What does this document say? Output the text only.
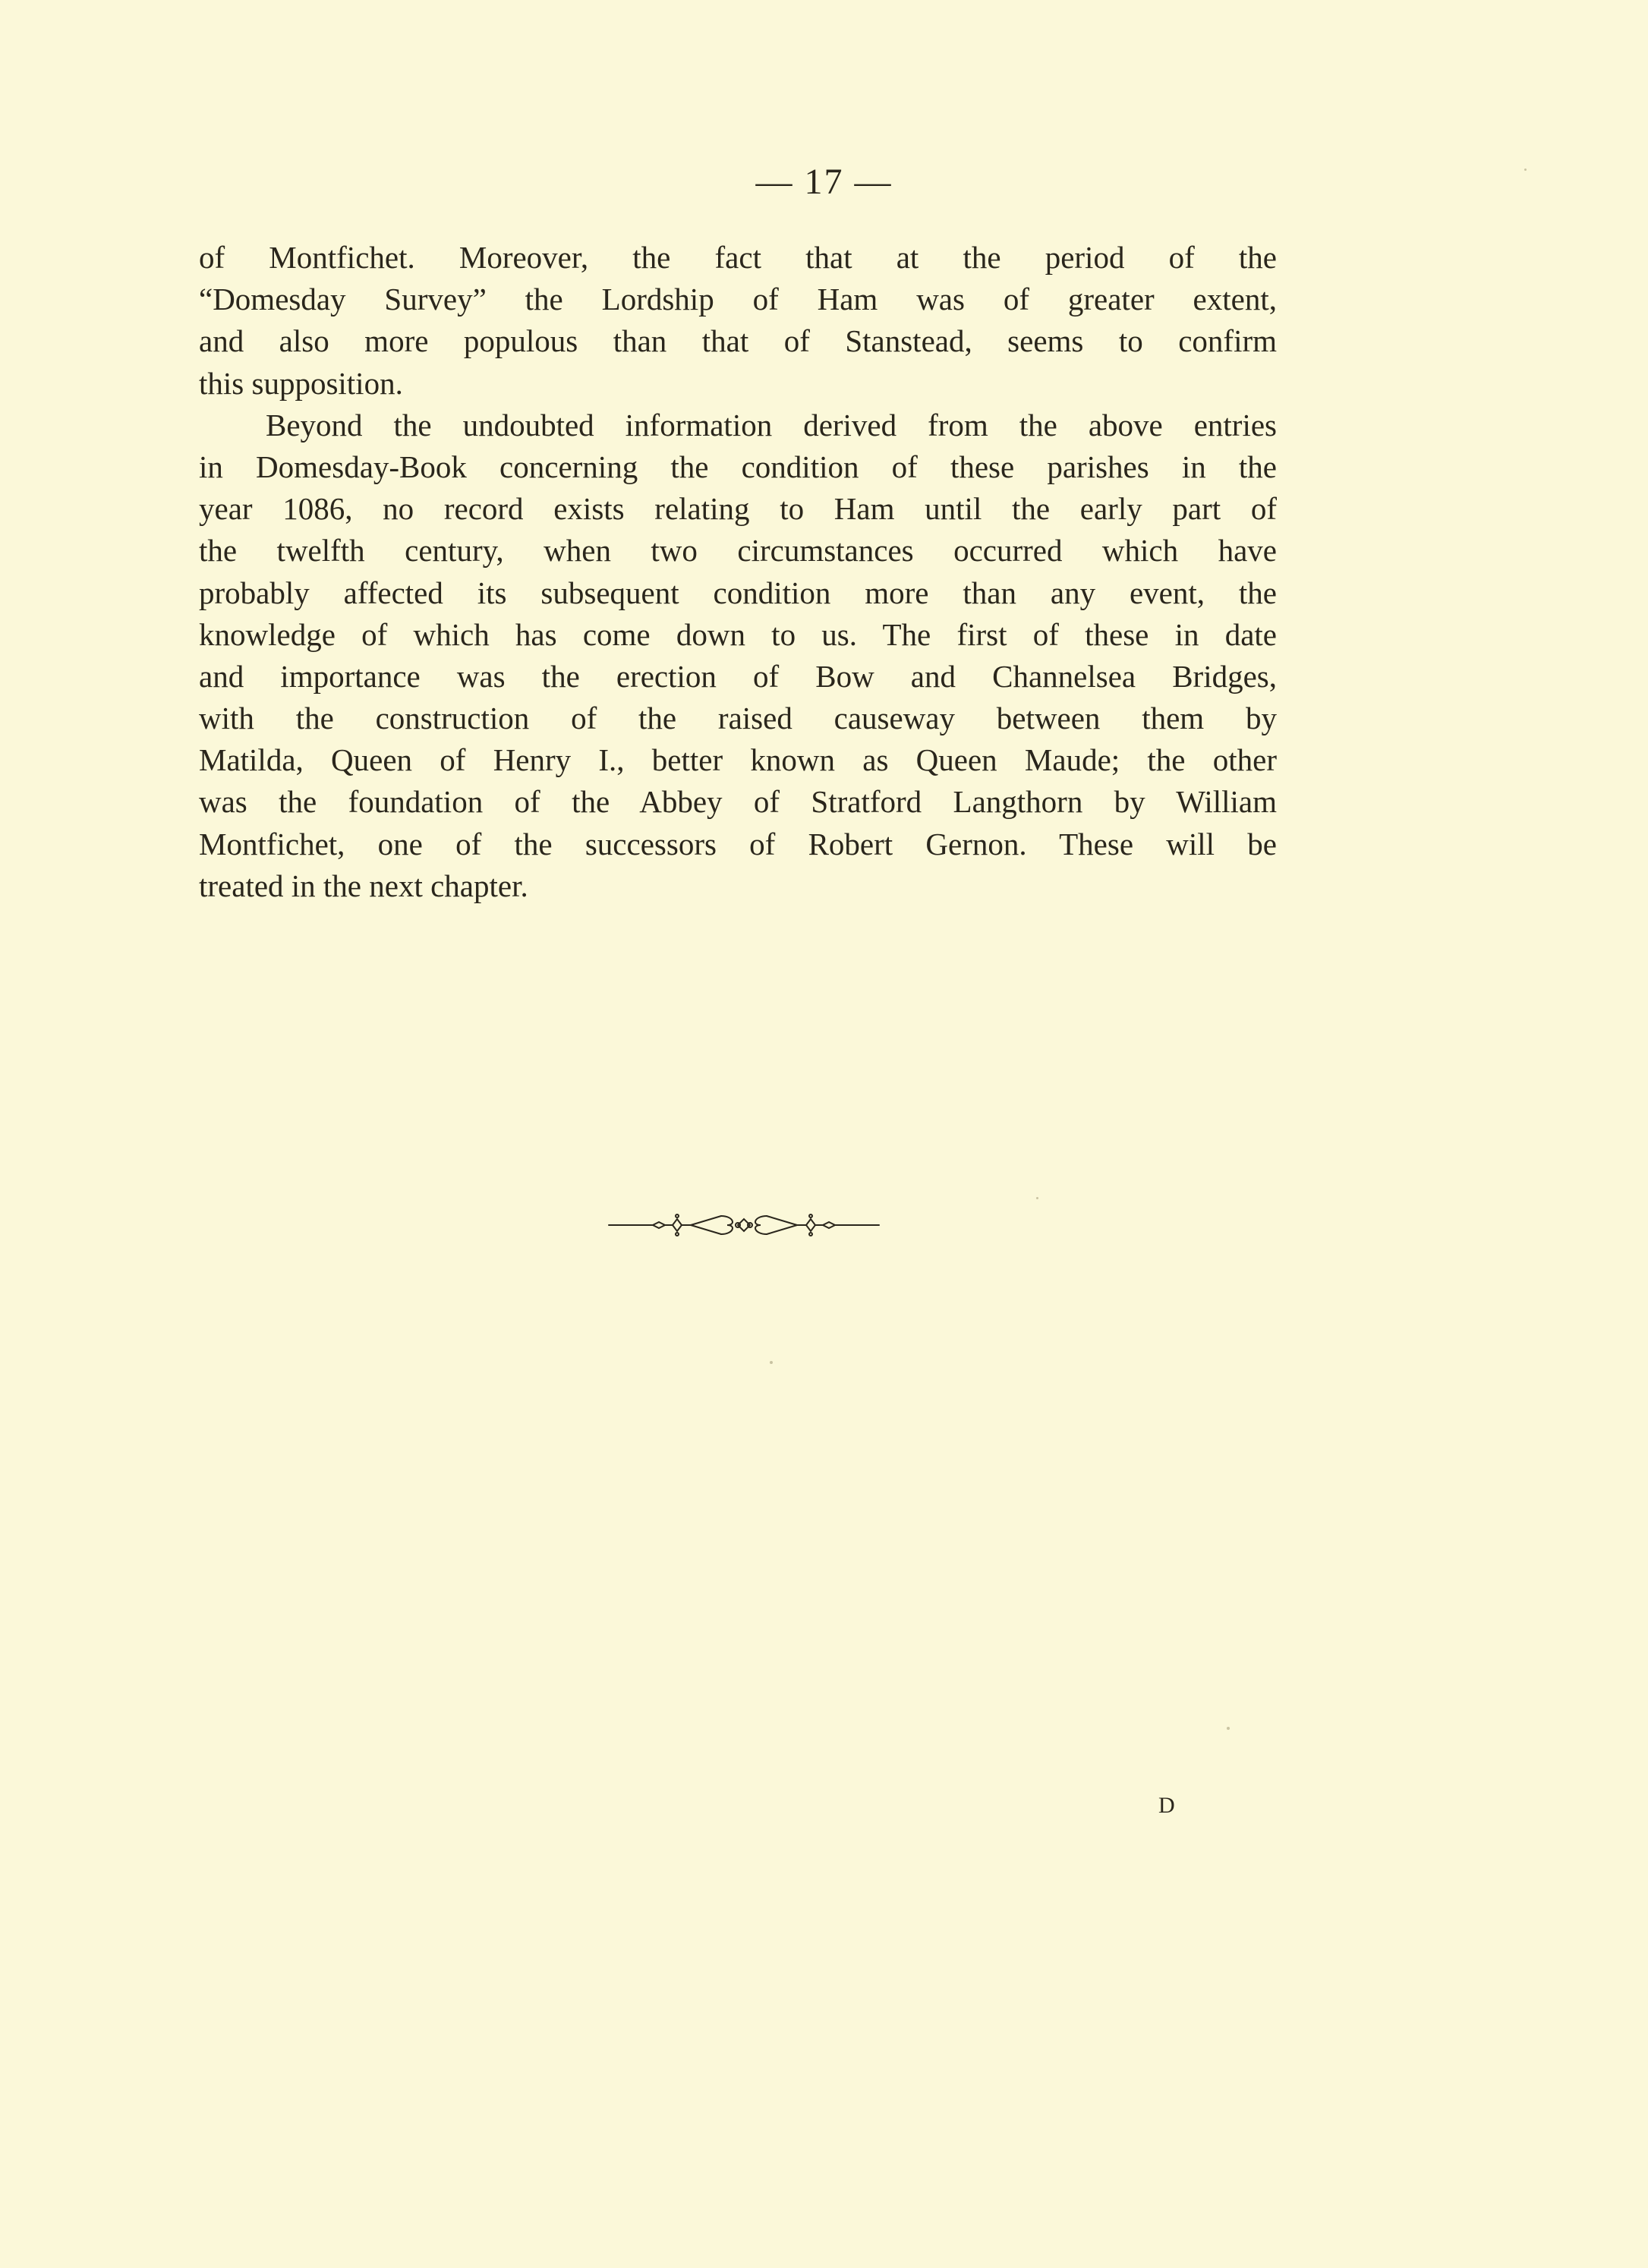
— 17 —
of Montfichet. Moreover, the fact that at the period of the
“Domesday Survey” the Lordship of Ham was of greater extent,
and also more populous than that of Stanstead, seems to confirm
this supposition.
Beyond the undoubted information derived from the above entries
in Domesday-Book concerning the condition of these parishes in the
year 1086, no record exists relating to Ham until the early part of
the twelfth century, when two circumstances occurred which have
probably affected its subsequent condition more than any event, the
knowledge of which has come down to us. The first of these in date
and importance was the erection of Bow and Channelsea Bridges,
with the construction of the raised causeway between them by
Matilda, Queen of Henry I., better known as Queen Maude; the other
was the foundation of the Abbey of Stratford Langthorn by William
Montfichet, one of the successors of Robert Gernon. These will be
treated in the next chapter.
D
